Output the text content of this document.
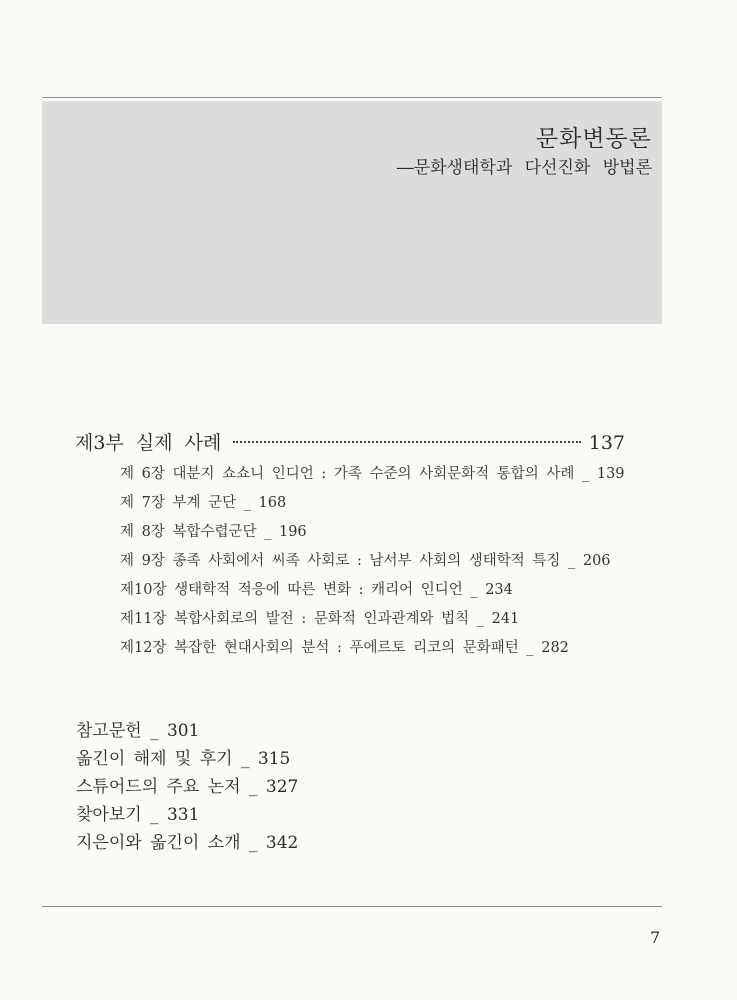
문화변동론
―문화생태학과 다선진화 방법론
제3부 실제 사례	137
제 6장 대분지 쇼쇼니 인디언 : 가족 수준의 사회문화적 통합의 사례 _ 139
제 7장 부계 군단 _ 168
제 8장 복합수렵군단 _ 196
제 9장 종족 사회에서 씨족 사회로 : 남서부 사회의 생태학적 특징 _ 206
제10장 생태학적 적응에 따른 변화 : 캐리어 인디언 _ 234
제11장 복합사회로의 발전 : 문화적 인과관계와 법칙 _ 241
제12장 복잡한 현대사회의 분석 : 푸에르토 리코의 문화패턴 _ 282
참고문헌 _ 301
옮긴이 해제 및 후기 _ 315
스튜어드의 주요 논저 _ 327
찾아보기 _ 331
지은이와 옮긴이 소개 _ 342
7
